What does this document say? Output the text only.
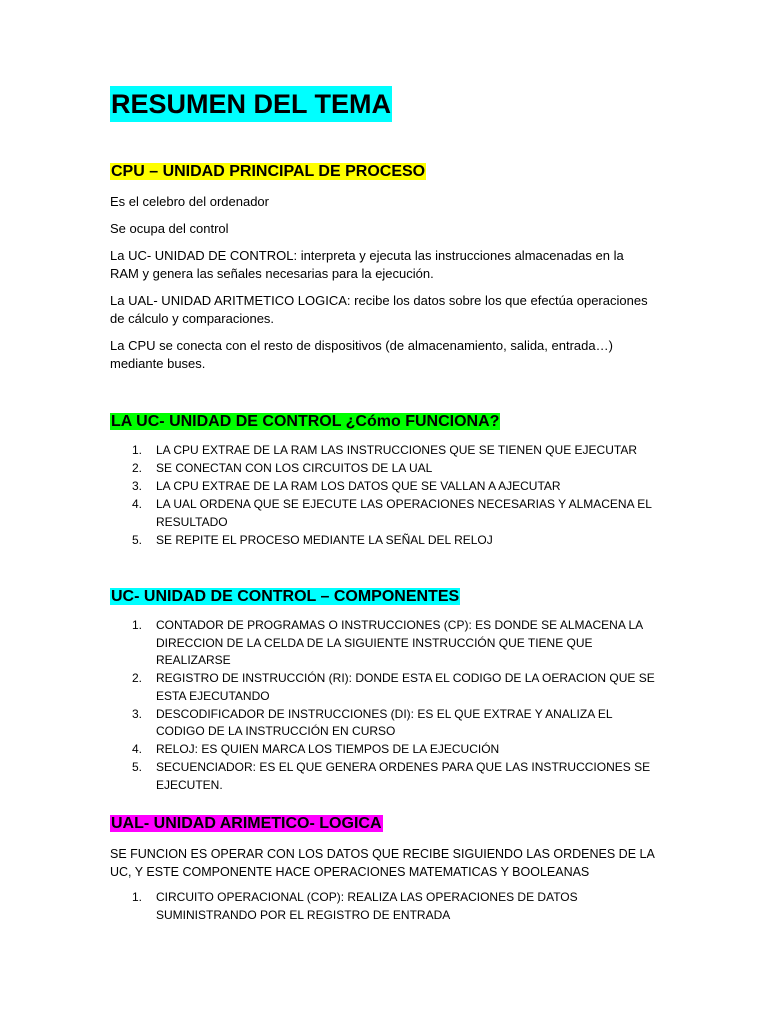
RESUMEN DEL TEMA
CPU – UNIDAD PRINCIPAL DE PROCESO

Es el celebro del ordenador

Se ocupa del control

La UC- UNIDAD DE CONTROL: interpreta y ejecuta las instrucciones almacenadas en la RAM y genera las señales necesarias para la ejecución.

La UAL- UNIDAD ARITMETICO LOGICA: recibe los datos sobre los que efectúa operaciones de cálculo y comparaciones.

La CPU se conecta con el resto de dispositivos (de almacenamiento, salida, entrada…) mediante buses.

LA UC- UNIDAD DE CONTROL ¿Cómo FUNCIONA?
1. LA CPU EXTRAE DE LA RAM LAS INSTRUCCIONES QUE SE TIENEN QUE EJECUTAR
2. SE CONECTAN CON LOS CIRCUITOS DE LA UAL
3. LA CPU EXTRAE DE LA RAM LOS DATOS QUE SE VALLAN A AJECUTAR
4. LA UAL ORDENA QUE SE EJECUTE LAS OPERACIONES NECESARIAS Y ALMACENA EL RESULTADO
5. SE REPITE EL PROCESO MEDIANTE LA SEÑAL DEL RELOJ
UC- UNIDAD DE CONTROL – COMPONENTES
1. CONTADOR DE PROGRAMAS O INSTRUCCIONES (CP): ES DONDE SE ALMACENA LA DIRECCION DE LA CELDA DE LA SIGUIENTE INSTRUCCIÓN QUE TIENE QUE REALIZARSE
2. REGISTRO DE INSTRUCCIÓN (RI): DONDE ESTA EL CODIGO DE LA OERACION QUE SE ESTA EJECUTANDO
3. DESCODIFICADOR DE INSTRUCCIONES (DI): ES EL QUE EXTRAE Y ANALIZA EL CODIGO DE LA INSTRUCCIÓN EN CURSO
4. RELOJ: ES QUIEN MARCA LOS TIEMPOS DE LA EJECUCIÓN
5. SECUENCIADOR: ES EL QUE GENERA ORDENES PARA QUE LAS INSTRUCCIONES SE EJECUTEN.
UAL- UNIDAD ARIMETICO- LOGICA

SE FUNCION ES OPERAR CON LOS DATOS QUE RECIBE SIGUIENDO LAS ORDENES DE LA UC, Y ESTE COMPONENTE HACE OPERACIONES MATEMATICAS Y BOOLEANAS

1. CIRCUITO OPERACIONAL (COP): REALIZA LAS OPERACIONES DE DATOS SUMINISTRANDO POR EL REGISTRO DE ENTRADA
